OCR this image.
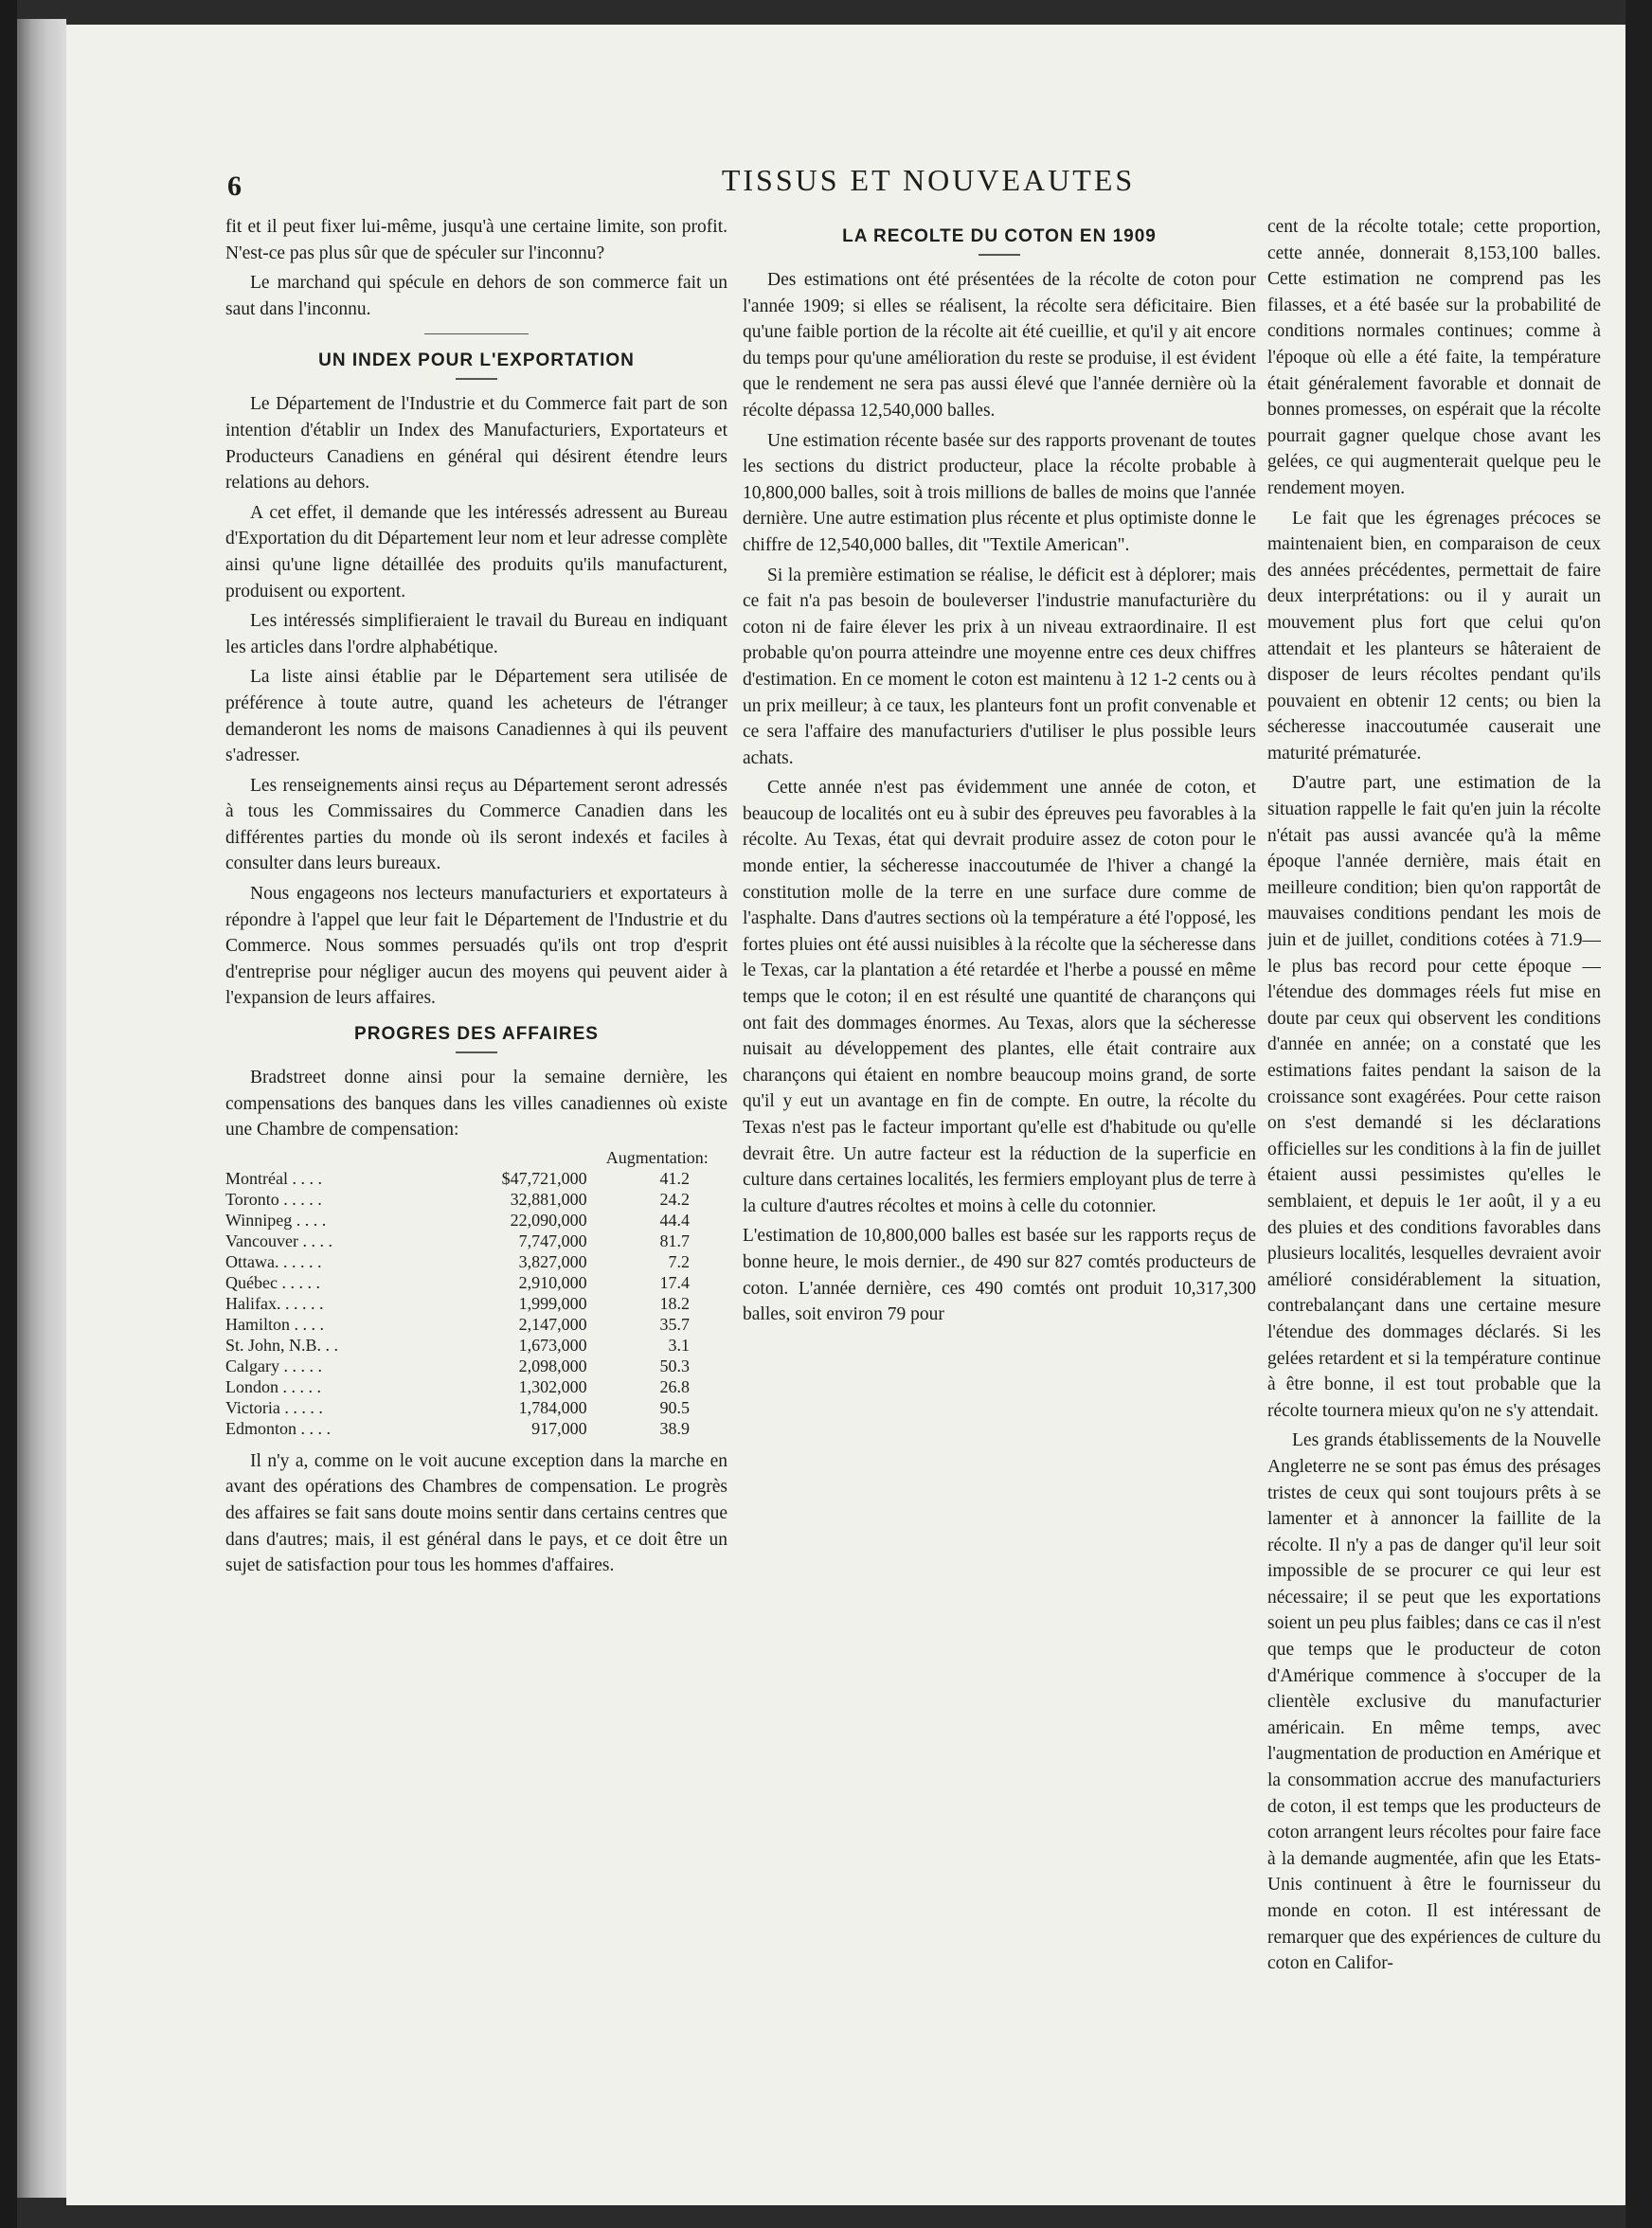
6	TISSUS ET NOUVEAUTES

fit et il peut fixer lui-même, jusqu'à une certaine limite, son profit. N'est-ce pas plus sûr que de spéculer sur l'inconnu?

Le marchand qui spécule en dehors de son commerce fait un saut dans l'inconnu.

UN INDEX POUR L'EXPORTATION

Le Département de l'Industrie et du Commerce fait part de son intention d'établir un Index des Manufacturiers, Exportateurs et Producteurs Canadiens en général qui désirent étendre leurs relations au dehors.

A cet effet, il demande que les intéressés adressent au Bureau d'Exportation du dit Département leur nom et leur adresse complète ainsi qu'une ligne détaillée des produits qu'ils manufacturent, produisent ou exportent.

Les intéressés simplifieraient le travail du Bureau en indiquant les articles dans l'ordre alphabétique.

La liste ainsi établie par le Département sera utilisée de préférence à toute autre, quand les acheteurs de l'étranger demanderont les noms de maisons Canadiennes à qui ils peuvent s'adresser.

Les renseignements ainsi reçus au Département seront adressés à tous les Commissaires du Commerce Canadien dans les différentes parties du monde où ils seront indexés et faciles à consulter dans leurs bureaux.

Nous engageons nos lecteurs manufacturiers et exportateurs à répondre à l'appel que leur fait le Département de l'Industrie et du Commerce. Nous sommes persuadés qu'ils ont trop d'esprit d'entreprise pour négliger aucun des moyens qui peuvent aider à l'expansion de leurs affaires.

PROGRES DES AFFAIRES

Bradstreet donne ainsi pour la semaine dernière, les compensations des banques dans les villes canadiennes où existe une Chambre de compensation:

		Augmentation:
Montréal . . . .	$47,721,000	41.2
Toronto . . . . .	32,881,000	24.2
Winnipeg . . . .	22,090,000	44.4
Vancouver . . . .	7,747,000	81.7
Ottawa. . . . . .	3,827,000	7.2
Québec . . . . .	2,910,000	17.4
Halifax. . . . . .	1,999,000	18.2
Hamilton . . . .	2,147,000	35.7
St. John, N.B. . .	1,673,000	3.1
Calgary . . . . .	2,098,000	50.3
London . . . . .	1,302,000	26.8
Victoria . . . . .	1,784,000	90.5
Edmonton . . . .	917,000	38.9

Il n'y a, comme on le voit aucune exception dans la marche en avant des opérations des Chambres de compensation. Le progrès des affaires se fait sans doute moins sentir dans certains centres que dans d'autres; mais, il est général dans le pays, et ce doit être un sujet de satisfaction pour tous les hommes d'affaires.

LA RECOLTE DU COTON EN 1909

Des estimations ont été présentées de la récolte de coton pour l'année 1909; si elles se réalisent, la récolte sera déficitaire. Bien qu'une faible portion de la récolte ait été cueillie, et qu'il y ait encore du temps pour qu'une amélioration du reste se produise, il est évident que le rendement ne sera pas aussi élevé que l'année dernière où la récolte dépassa 12,540,000 balles.

Une estimation récente basée sur des rapports provenant de toutes les sections du district producteur, place la récolte probable à 10,800,000 balles, soit à trois millions de balles de moins que l'année dernière. Une autre estimation plus récente et plus optimiste donne le chiffre de 12,540,000 balles, dit "Textile American".

Si la première estimation se réalise, le déficit est à déplorer; mais ce fait n'a pas besoin de bouleverser l'industrie manufacturière du coton ni de faire élever les prix à un niveau extraordinaire. Il est probable qu'on pourra atteindre une moyenne entre ces deux chiffres d'estimation. En ce moment le coton est maintenu à 12 1-2 cents ou à un prix meilleur; à ce taux, les planteurs font un profit convenable et ce sera l'affaire des manufacturiers d'utiliser le plus possible leurs achats.

Cette année n'est pas évidemment une année de coton, et beaucoup de localités ont eu à subir des épreuves peu favorables à la récolte. Au Texas, état qui devrait produire assez de coton pour le monde entier, la sécheresse inaccoutumée de l'hiver a changé la constitution molle de la terre en une surface dure comme de l'asphalte. Dans d'autres sections où la température a été l'opposé, les fortes pluies ont été aussi nuisibles à la récolte que la sécheresse dans le Texas, car la plantation a été retardée et l'herbe a poussé en même temps que le coton; il en est résulté une quantité de charançons qui ont fait des dommages énormes. Au Texas, alors que la sécheresse nuisait au développement des plantes, elle était contraire aux charançons qui étaient en nombre beaucoup moins grand, de sorte qu'il y eut un avantage en fin de compte. En outre, la récolte du Texas n'est pas le facteur important qu'elle est d'habitude ou qu'elle devrait être. Un autre facteur est la réduction de la superficie en culture dans certaines localités, les fermiers employant plus de terre à la culture d'autres récoltes et moins à celle du cotonnier.

L'estimation de 10,800,000 balles est basée sur les rapports reçus de bonne heure, le mois dernier., de 490 sur 827 comtés producteurs de coton. L'année dernière, ces 490 comtés ont produit 10,317,300 balles, soit environ 79 pour

cent de la récolte totale; cette proportion, cette année, donnerait 8,153,100 balles. Cette estimation ne comprend pas les filasses, et a été basée sur la probabilité de conditions normales continues; comme à l'époque où elle a été faite, la température était généralement favorable et donnait de bonnes promesses, on espérait que la récolte pourrait gagner quelque chose avant les gelées, ce qui augmenterait quelque peu le rendement moyen.

Le fait que les égrenages précoces se maintenaient bien, en comparaison de ceux des années précédentes, permettait de faire deux interprétations: ou il y aurait un mouvement plus fort que celui qu'on attendait et les planteurs se hâteraient de disposer de leurs récoltes pendant qu'ils pouvaient en obtenir 12 cents; ou bien la sécheresse inaccoutumée causerait une maturité prématurée.

D'autre part, une estimation de la situation rappelle le fait qu'en juin la récolte n'était pas aussi avancée qu'à la même époque l'année dernière, mais était en meilleure condition; bien qu'on rapportât de mauvaises conditions pendant les mois de juin et de juillet, conditions cotées à 71.9—le plus bas record pour cette époque — l'étendue des dommages réels fut mise en doute par ceux qui observent les conditions d'année en année; on a constaté que les estimations faites pendant la saison de la croissance sont exagérées. Pour cette raison on s'est demandé si les déclarations officielles sur les conditions à la fin de juillet étaient aussi pessimistes qu'elles le semblaient, et depuis le 1er août, il y a eu des pluies et des conditions favorables dans plusieurs localités, lesquelles devraient avoir amélioré considérablement la situation, contrebalançant dans une certaine mesure l'étendue des dommages déclarés. Si les gelées retardent et si la température continue à être bonne, il est tout probable que la récolte tournera mieux qu'on ne s'y attendait.

Les grands établissements de la Nouvelle Angleterre ne se sont pas émus des présages tristes de ceux qui sont toujours prêts à se lamenter et à annoncer la faillite de la récolte. Il n'y a pas de danger qu'il leur soit impossible de se procurer ce qui leur est nécessaire; il se peut que les exportations soient un peu plus faibles; dans ce cas il n'est que temps que le producteur de coton d'Amérique commence à s'occuper de la clientèle exclusive du manufacturier américain. En même temps, avec l'augmentation de production en Amérique et la consommation accrue des manufacturiers de coton, il est temps que les producteurs de coton arrangent leurs récoltes pour faire face à la demande augmentée, afin que les Etats-Unis continuent à être le fournisseur du monde en coton. Il est intéressant de remarquer que des expériences de culture du coton en Califor-
